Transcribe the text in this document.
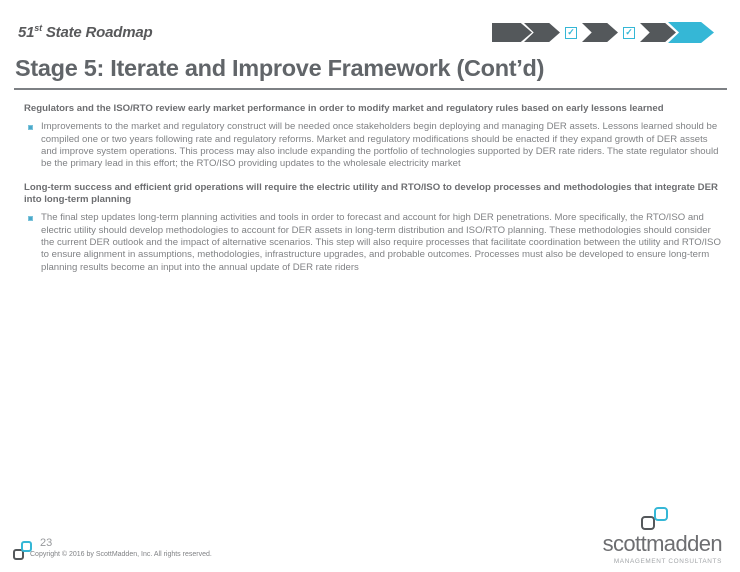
51st State Roadmap	✓	✓
Stage 5: Iterate and Improve Framework (Cont’d)

Regulators and the ISO/RTO review early market performance in order to modify market and regulatory rules based on early lessons learned

Improvements to the market and regulatory construct will be needed once stakeholders begin deploying and managing DER assets. Lessons learned should be compiled one or two years following rate and regulatory reforms. Market and regulatory modifications should be enacted if they expand growth of DER assets and improve system operations. This process may also include expanding the portfolio of technologies supported by DER rate riders. The state regulator should be the primary lead in this effort; the RTO/ISO providing updates to the wholesale electricity market

Long-term success and efficient grid operations will require the electric utility and RTO/ISO to develop processes and methodologies that integrate DER into long-term planning

The final step updates long-term planning activities and tools in order to forecast and account for high DER penetrations. More specifically, the RTO/ISO and electric utility should develop methodologies to account for DER assets in long-term distribution and ISO/RTO planning. These methodologies should consider the current DER outlook and the impact of alternative scenarios. This step will also require processes that facilitate coordination between the utility and RTO/ISO to ensure alignment in assumptions, methodologies, infrastructure upgrades, and probable outcomes. Processes must also be developed to ensure long-term planning results become an input into the annual update of DER rate riders
23
Copyright © 2016 by ScottMadden, Inc. All rights reserved.	scottmadden
MANAGEMENT CONSULTANTS
